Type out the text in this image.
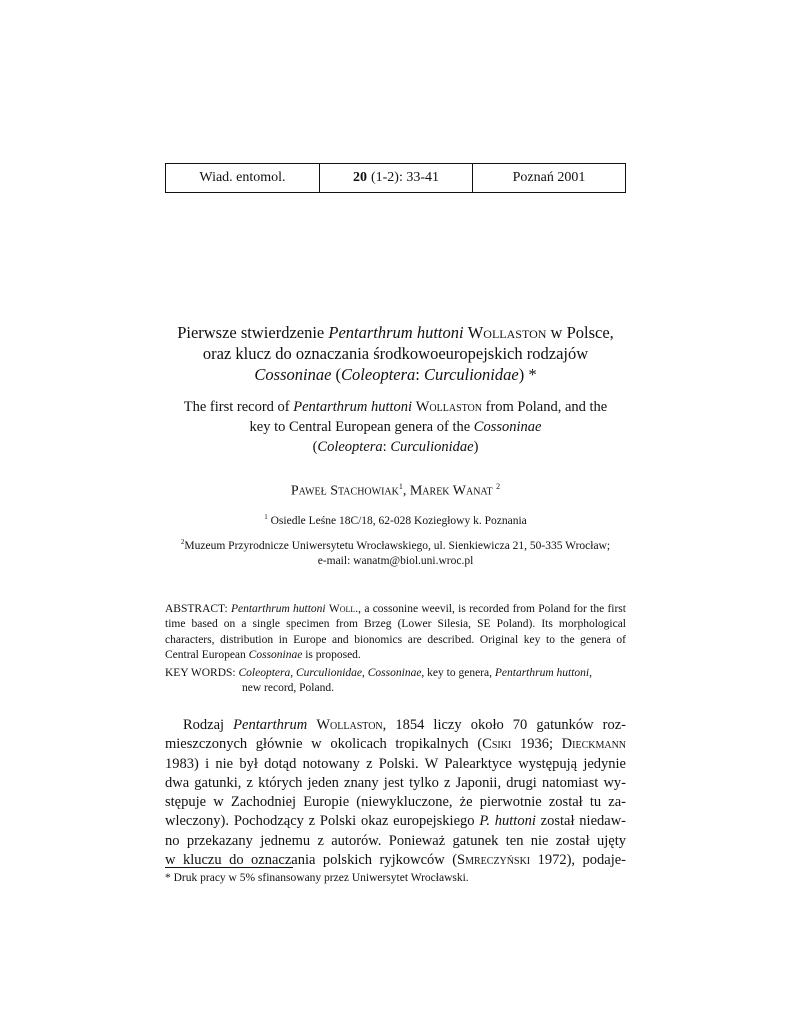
Wiad. entomol.	20 (1-2): 33-41	Poznań 2001
Pierwsze stwierdzenie Pentarthrum huttoni Wollaston w Polsce,
oraz klucz do oznaczania środkowoeuropejskich rodzajów
Cossoninae (Coleoptera: Curculionidae) *
The first record of Pentarthrum huttoni Wollaston from Poland, and the
key to Central European genera of the Cossoninae
(Coleoptera: Curculionidae)
Paweł Stachowiak$^1$, Marek Wanat $^2$
$^1$ Osiedle Leśne 18C/18, 62-028 Koziegłowy k. Poznania
$^2$Muzeum Przyrodnicze Uniwersytetu Wrocławskiego, ul. Sienkiewicza 21, 50-335 Wrocław;
e-mail: wanatm@biol.uni.wroc.pl
ABSTRACT: Pentarthrum huttoni Woll., a cossonine weevil, is recorded from Poland for the first time based on a single specimen from Brzeg (Lower Silesia, SE Poland). Its morphological characters, distribution in Europe and bionomics are described. Original key to the genera of Central European Cossoninae is proposed.
KEY WORDS: Coleoptera, Curculionidae, Cossoninae, key to genera, Pentarthrum huttoni,
new record, Poland.
Rodzaj Pentarthrum Wollaston, 1854 liczy około 70 gatunków roz-
mieszczonych głównie w okolicach tropikalnych (Csiki 1936; Dieckmann
1983) i nie był dotąd notowany z Polski. W Palearktyce występują jedynie
dwa gatunki, z których jeden znany jest tylko z Japonii, drugi natomiast wy-
stępuje w Zachodniej Europie (niewykluczone, że pierwotnie został tu za-
wleczony). Pochodzący z Polski okaz europejskiego P. huttoni został niedaw-
no przekazany jednemu z autorów. Ponieważ gatunek ten nie został ujęty
w kluczu do oznaczania polskich ryjkowców (Smreczyński 1972), podaje-
* Druk pracy w 5% sfinansowany przez Uniwersytet Wrocławski.
